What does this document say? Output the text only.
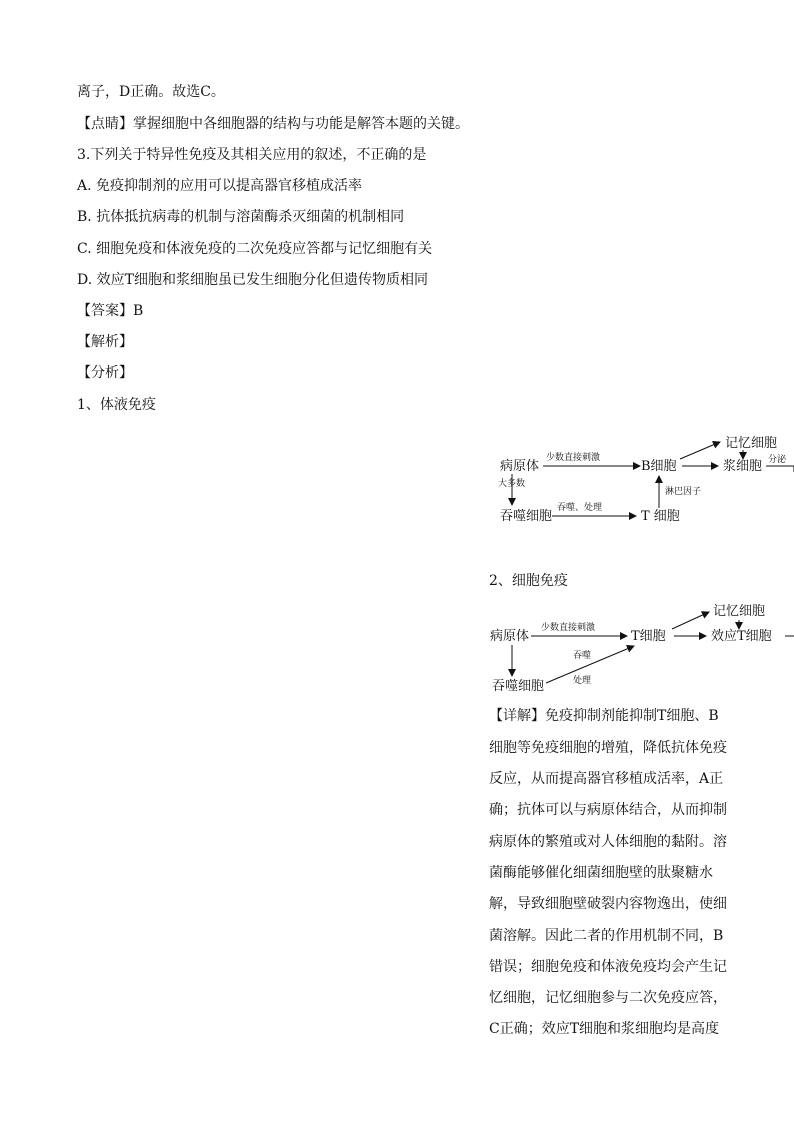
离子，D正确。故选C。
【点睛】掌握细胞中各细胞器的结构与功能是解答本题的关键。
3.下列关于特异性免疫及其相关应用的叙述，不正确的是
A. 免疫抑制剂的应用可以提高器官移植成活率
B. 抗体抵抗病毒的机制与溶菌酶杀灭细菌的机制相同
C. 细胞免疫和体液免疫的二次免疫应答都与记忆细胞有关
D. 效应T细胞和浆细胞虽已发生细胞分化但遗传物质相同
【答案】B
【解析】
【分析】
1、体液免疫
病原体
少数直接刺激
B细胞
记忆细胞
浆细胞 分泌
大多数
吞噬细胞
吞噬、处理
T 细胞
淋巴因子
2、细胞免疫
病原体
少数直接刺激
T细胞
记忆细胞
效应T细胞
吞噬
吞噬细胞	处理
【详解】免疫抑制剂能抑制T细胞、B
细胞等免疫细胞的增殖，降低抗体免疫
反应，从而提高器官移植成活率，A正
确；抗体可以与病原体结合，从而抑制
病原体的繁殖或对人体细胞的黏附。溶
菌酶能够催化细菌细胞壁的肽聚糖水
解，导致细胞壁破裂内容物逸出，使细
菌溶解。因此二者的作用机制不同，B
错误；细胞免疫和体液免疫均会产生记
忆细胞，记忆细胞参与二次免疫应答，
C正确；效应T细胞和浆细胞均是高度
